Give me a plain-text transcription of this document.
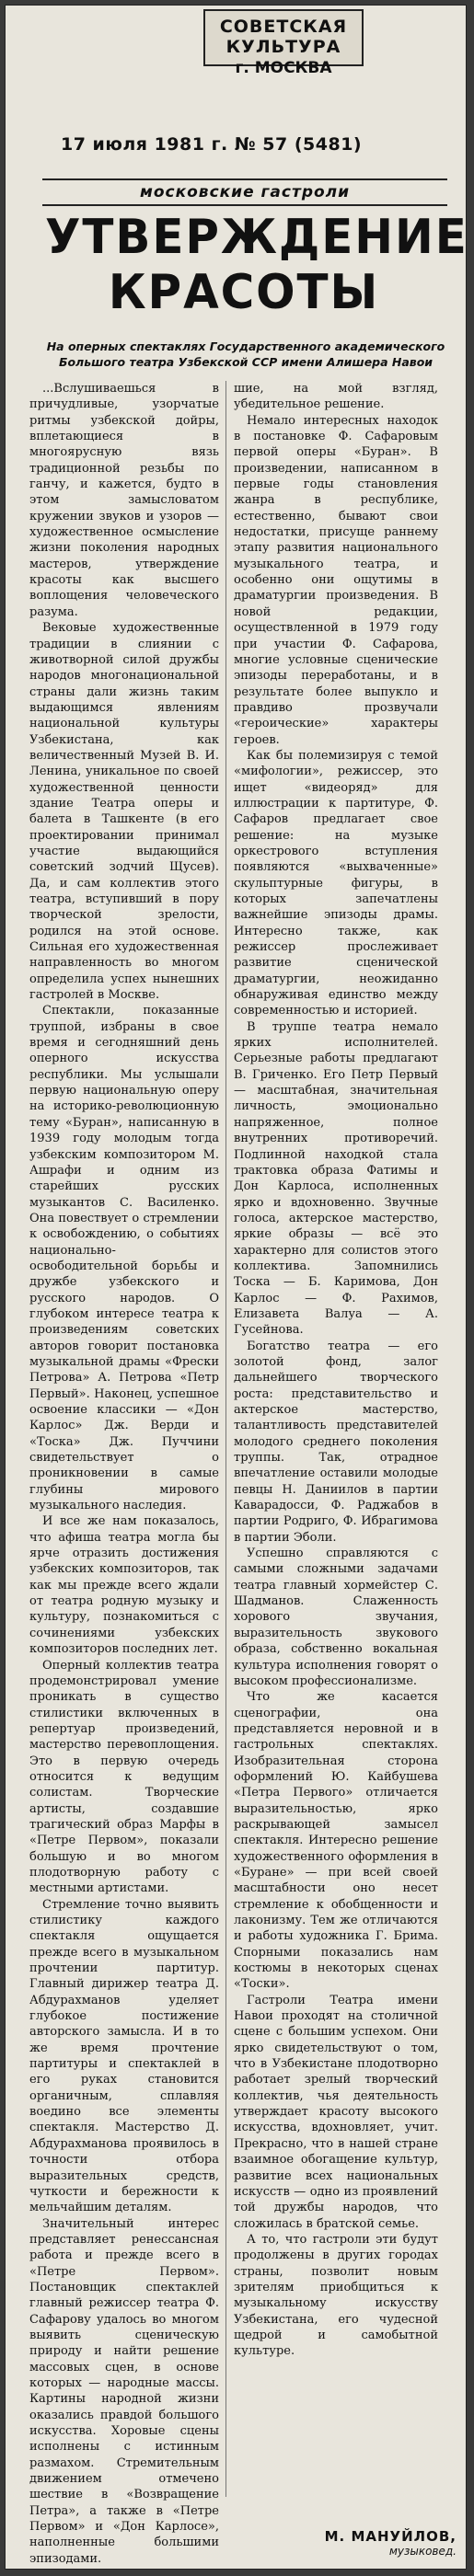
СОВЕТСКАЯ КУЛЬТУРА
г. МОСКВА
17 июля 1981 г. № 57 (5481)
московские гастроли
УТВЕРЖДЕНИЕ
КРАСОТЫ
На оперных спектаклях Государственного академического Большого театра Узбекской ССР имени Алишера Навои

...Вслушиваешься в причудливые, узорчатые ритмы узбекской дойры, вплетающиеся в многоярусную вязь традиционной резьбы по ганчу, и кажется, будто в этом замысловатом кружении звуков и узоров — художественное осмысление жизни поколения народных мастеров, утверждение красоты как высшего воплощения человеческого разума.

Вековые художественные традиции в слиянии с животворной силой дружбы народов многонациональной страны дали жизнь таким выдающимся явлениям национальной культуры Узбекистана, как величественный Музей В. И. Ленина, уникальное по своей художественной ценности здание Театра оперы и балета в Ташкенте (в его проектировании принимал участие выдающийся советский зодчий Щусев). Да, и сам коллектив этого театра, вступивший в пору творческой зрелости, родился на этой основе. Сильная его художественная направленность во многом определила успех нынешних гастролей в Москве.

Спектакли, показанные труппой, избраны в свое время и сегодняшний день оперного искусства республики. Мы услышали первую национальную оперу на историко-революционную тему «Буран», написанную в 1939 году молодым тогда узбекским композитором М. Ашрафи и одним из старейших русских музыкантов С. Василенко. Она повествует о стремлении к освобождению, о событиях национально-освободительной борьбы и дружбе узбекского и русского народов. О глубоком интересе театра к произведениям советских авторов говорит постановка музыкальной драмы «Фрески Петрова» А. Петрова «Петр Первый». Наконец, успешное освоение классики — «Дон Карлос» Дж. Верди и «Тоска» Дж. Пуччини свидетельствует о проникновении в самые глубины мирового музыкального наследия.

И все же нам показалось, что афиша театра могла бы ярче отразить достижения узбекских композиторов, так как мы прежде всего ждали от театра родную музыку и культуру, познакомиться с сочинениями узбекских композиторов последних лет.

Оперный коллектив театра продемонстрировал умение проникать в существо стилистики включенных в репертуар произведений, мастерство перевоплощения. Это в первую очередь относится к ведущим солистам. Творческие артисты, создавшие трагический образ Марфы в «Петре Первом», показали большую и во многом плодотворную работу с местными артистами.

Стремление точно выявить стилистику каждого спектакля ощущается прежде всего в музыкальном прочтении партитур. Главный дирижер театра Д. Абдурахманов уделяет глубокое постижение авторского замысла. И в то же время прочтение партитуры и спектаклей в его руках становится органичным, сплавляя воедино все элементы спектакля. Мастерство Д. Абдурахманова проявилось в точности отбора выразительных средств, чуткости и бережности к мельчайшим деталям.

Значительный интерес представляет ренессансная работа и прежде всего в «Петре Первом». Постановщик спектаклей главный режиссер театра Ф. Сафарову удалось во многом выявить сценическую природу и найти решение массовых сцен, в основе которых — народные массы. Картины народной жизни оказались правдой большого искусства. Хоровые сцены исполнены с истинным размахом. Стремительным движением отмечено шествие в «Возвращение Петра», а также в «Петре Первом» и «Дон Карлосе», наполненные большими эпизодами.

шие, на мой взгляд, убедительное решение.

Немало интересных находок в постановке Ф. Сафаровым первой оперы «Буран». В произведении, написанном в первые годы становления жанра в республике, естественно, бывают свои недостатки, присуще раннему этапу развития национального музыкального театра, и особенно они ощутимы в драматургии произведения. В новой редакции, осуществленной в 1979 году при участии Ф. Сафарова, многие условные сценические эпизоды переработаны, и в результате более выпукло и правдиво прозвучали «героические» характеры героев.

Как бы полемизируя с темой «мифологии», режиссер, это ищет «видеоряд» для иллюстрации к партитуре, Ф. Сафаров предлагает свое решение: на музыке оркестрового вступления появляются «выхваченные» скульптурные фигуры, в которых запечатлены важнейшие эпизоды драмы. Интересно также, как режиссер прослеживает развитие сценической драматургии, неожиданно обнаруживая единство между современностью и историей.

В труппе театра немало ярких исполнителей. Серьезные работы предлагают В. Гриченко. Его Петр Первый — масштабная, значительная личность, эмоционально напряженное, полное внутренних противоречий. Подлинной находкой стала трактовка образа Фатимы и Дон Карлоса, исполненных ярко и вдохновенно. Звучные голоса, актерское мастерство, яркие образы — всё это характерно для солистов этого коллектива. Запомнились Тоска — Б. Каримова, Дон Карлос — Ф. Рахимов, Елизавета Валуа — А. Гусейнова.

Богатство театра — его золотой фонд, залог дальнейшего творческого роста: представительство и актерское мастерство, талантливость представителей молодого среднего поколения труппы. Так, отрадное впечатление оставили молодые певцы Н. Даниилов в партии Каварадосси, Ф. Раджабов в партии Родриго, Ф. Ибрагимова в партии Эболи.

Успешно справляются с самыми сложными задачами театра главный хормейстер С. Шадманов. Слаженность хорового звучания, выразительность звукового образа, собственно вокальная культура исполнения говорят о высоком профессионализме.

Что же касается сценографии, она представляется неровной и в гастрольных спектаклях. Изобразительная сторона оформлений Ю. Кайбушева «Петра Первого» отличается выразительностью, ярко раскрывающей замысел спектакля. Интересно решение художественного оформления в «Буране» — при всей своей масштабности оно несет стремление к обобщенности и лаконизму. Тем же отличаются и работы художника Г. Брима. Спорными показались нам костюмы в некоторых сценах «Тоски».

Гастроли Театра имени Навои проходят на столичной сцене с большим успехом. Они ярко свидетельствуют о том, что в Узбекистане плодотворно работает зрелый творческий коллектив, чья деятельность утверждает красоту высокого искусства, вдохновляет, учит. Прекрасно, что в нашей стране взаимное обогащение культур, развитие всех национальных искусств — одно из проявлений той дружбы народов, что сложилась в братской семье.

А то, что гастроли эти будут продолжены в других городах страны, позволит новым зрителям приобщиться к музыкальному искусству Узбекистана, его чудесной щедрой и самобытной культуре.

М. МАНУЙЛОВ,
музыковед.
